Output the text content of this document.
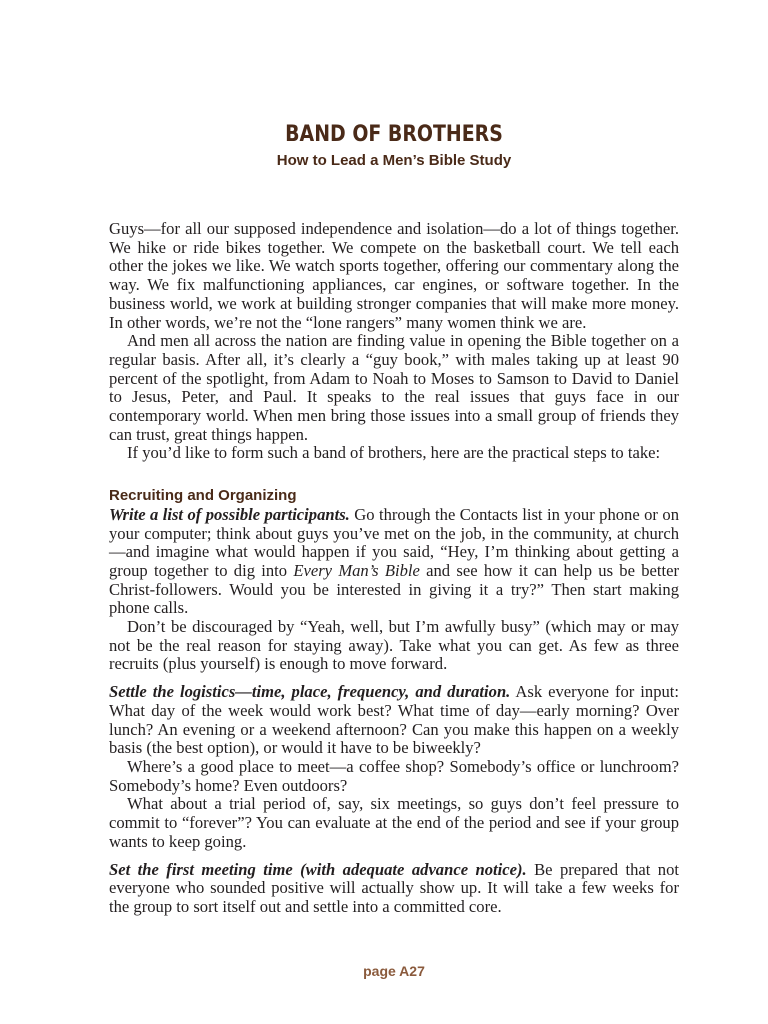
BAND OF BROTHERS
How to Lead a Men’s Bible Study

Guys—for all our supposed independence and isolation—do a lot of things together. We hike or ride bikes together. We compete on the basketball court. We tell each other the jokes we like. We watch sports together, offering our commentary along the way. We fix malfunctioning appliances, car engines, or software together. In the business world, we work at building stronger companies that will make more money. In other words, we’re not the “lone rangers” many women think we are.

And men all across the nation are finding value in opening the Bible together on a regular basis. After all, it’s clearly a “guy book,” with males taking up at least 90 percent of the spotlight, from Adam to Noah to Moses to Samson to David to Daniel to Jesus, Peter, and Paul. It speaks to the real issues that guys face in our contemporary world. When men bring those issues into a small group of friends they can trust, great things happen.

If you’d like to form such a band of brothers, here are the practical steps to take:

Recruiting and Organizing

Write a list of possible participants. Go through the Contacts list in your phone or on your computer; think about guys you’ve met on the job, in the community, at church—and imagine what would happen if you said, “Hey, I’m thinking about getting a group together to dig into Every Man’s Bible and see how it can help us be better Christ-followers. Would you be interested in giving it a try?” Then start making phone calls.

Don’t be discouraged by “Yeah, well, but I’m awfully busy” (which may or may not be the real reason for staying away). Take what you can get. As few as three recruits (plus yourself) is enough to move forward.

Settle the logistics—time, place, frequency, and duration. Ask everyone for input: What day of the week would work best? What time of day—early morning? Over lunch? An evening or a weekend afternoon? Can you make this happen on a weekly basis (the best option), or would it have to be biweekly?

Where’s a good place to meet—a coffee shop? Somebody’s office or lunchroom? Somebody’s home? Even outdoors?

What about a trial period of, say, six meetings, so guys don’t feel pressure to commit to “forever”? You can evaluate at the end of the period and see if your group wants to keep going.

Set the first meeting time (with adequate advance notice). Be prepared that not everyone who sounded positive will actually show up. It will take a few weeks for the group to sort itself out and settle into a committed core.

page A27
